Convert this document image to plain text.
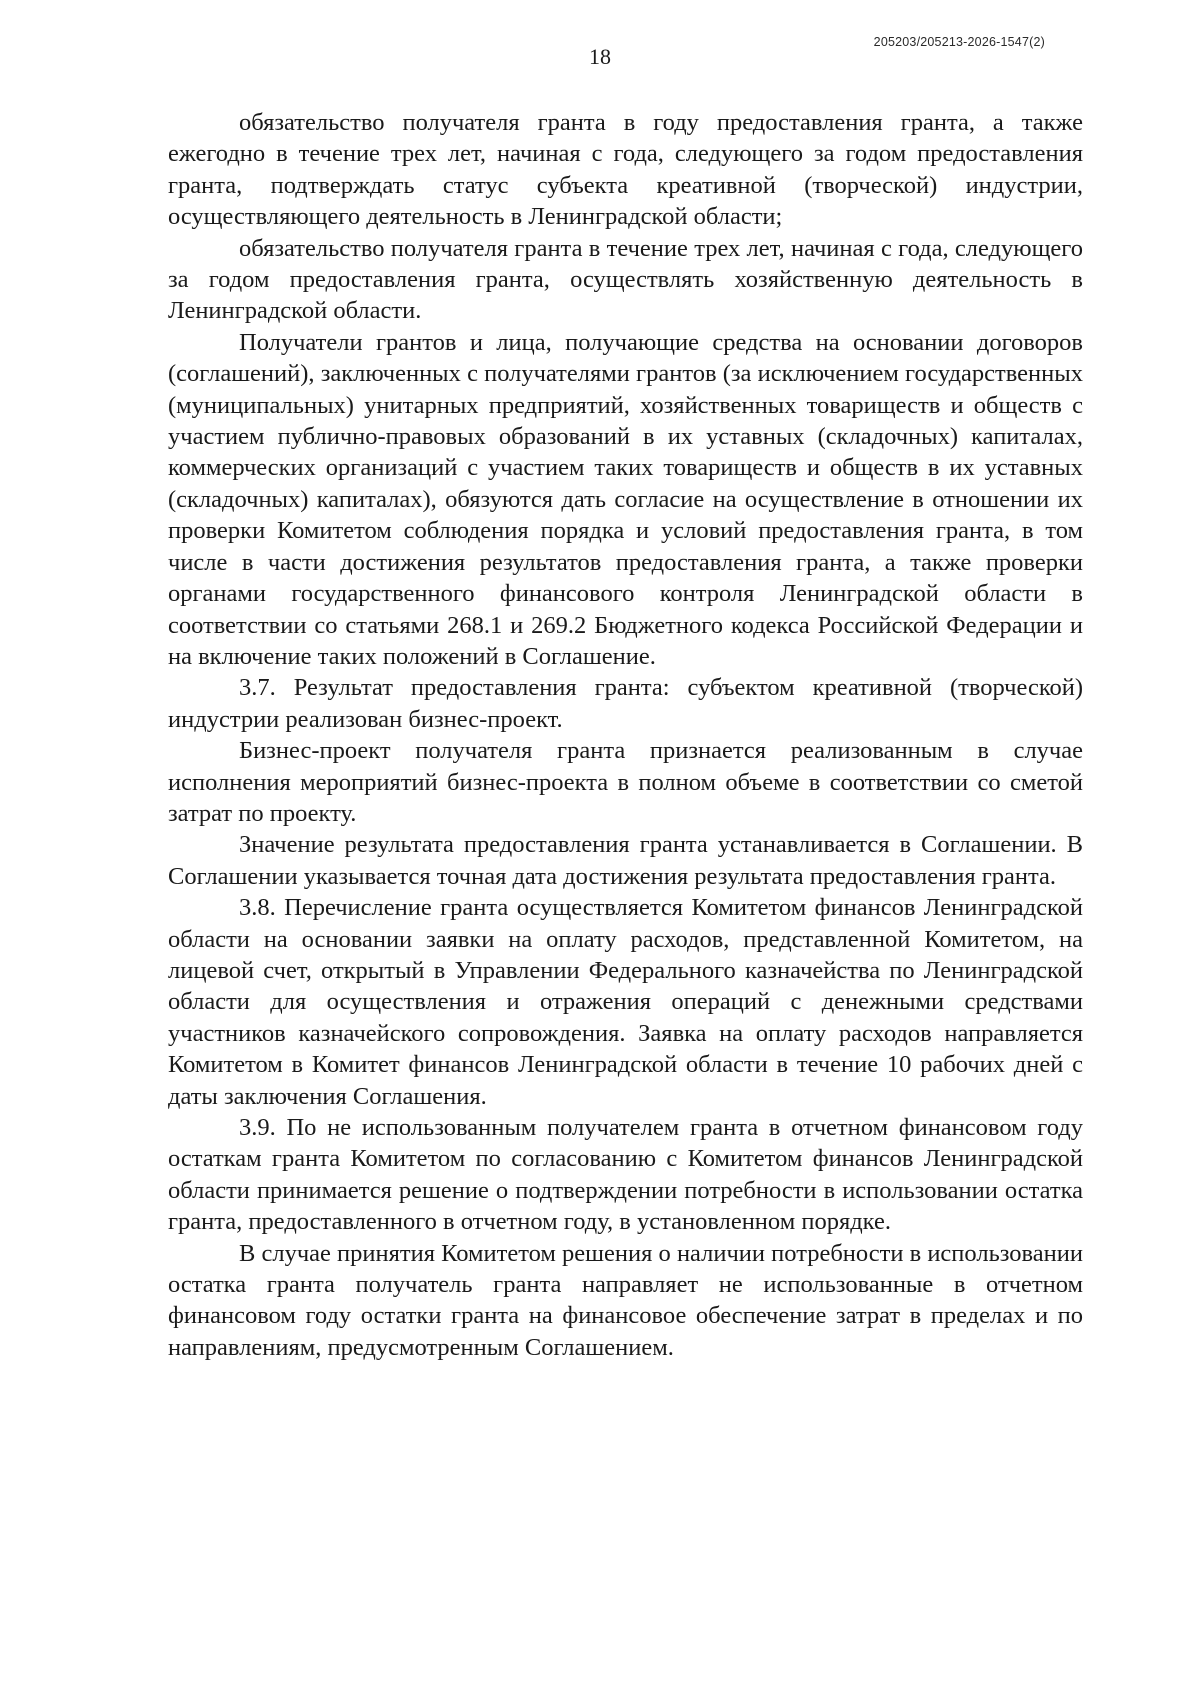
18
205203/205213-2026-1547(2)

обязательство получателя гранта в году предоставления гранта, а также ежегодно в течение трех лет, начиная с года, следующего за годом предоставления гранта, подтверждать статус субъекта креативной (творческой) индустрии, осуществляющего деятельность в Ленинградской области;

обязательство получателя гранта в течение трех лет, начиная с года, следующего за годом предоставления гранта, осуществлять хозяйственную деятельность в Ленинградской области.

Получатели грантов и лица, получающие средства на основании договоров (соглашений), заключенных с получателями грантов (за исключением государственных (муниципальных) унитарных предприятий, хозяйственных товариществ и обществ с участием публично-правовых образований в их уставных (складочных) капиталах, коммерческих организаций с участием таких товариществ и обществ в их уставных (складочных) капиталах), обязуются дать согласие на осуществление в отношении их проверки Комитетом соблюдения порядка и условий предоставления гранта, в том числе в части достижения результатов предоставления гранта, а также проверки органами государственного финансового контроля Ленинградской области в соответствии со статьями 268.1 и 269.2 Бюджетного кодекса Российской Федерации и на включение таких положений в Соглашение.

3.7. Результат предоставления гранта: субъектом креативной (творческой) индустрии реализован бизнес-проект.

Бизнес-проект получателя гранта признается реализованным в случае исполнения мероприятий бизнес-проекта в полном объеме в соответствии со сметой затрат по проекту.

Значение результата предоставления гранта устанавливается в Соглашении. В Соглашении указывается точная дата достижения результата предоставления гранта.

3.8. Перечисление гранта осуществляется Комитетом финансов Ленинградской области на основании заявки на оплату расходов, представленной Комитетом, на лицевой счет, открытый в Управлении Федерального казначейства по Ленинградской области для осуществления и отражения операций с денежными средствами участников казначейского сопровождения. Заявка на оплату расходов направляется Комитетом в Комитет финансов Ленинградской области в течение 10 рабочих дней с даты заключения Соглашения.

3.9. По не использованным получателем гранта в отчетном финансовом году остаткам гранта Комитетом по согласованию с Комитетом финансов Ленинградской области принимается решение о подтверждении потребности в использовании остатка гранта, предоставленного в отчетном году, в установленном порядке.

В случае принятия Комитетом решения о наличии потребности в использовании остатка гранта получатель гранта направляет не использованные в отчетном финансовом году остатки гранта на финансовое обеспечение затрат в пределах и по направлениям, предусмотренным Соглашением.
